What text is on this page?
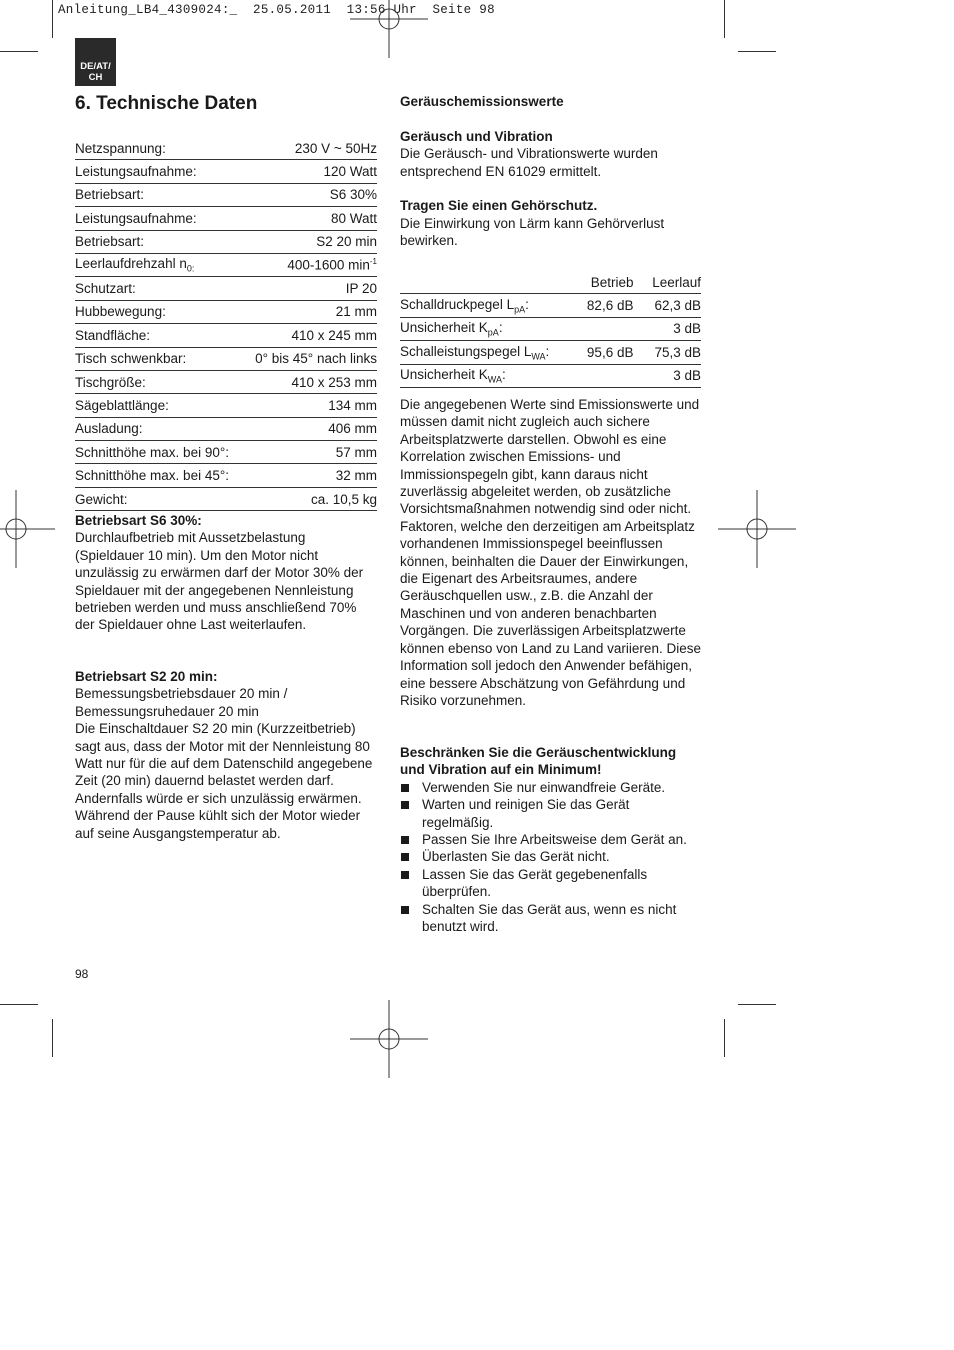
Anleitung_LB4_4309024:_  25.05.2011  13:56 Uhr  Seite 98
DE/AT/
CH
6. Technische Daten
Netzspannung:	230 V ~ 50Hz
Leistungsaufnahme:	120 Watt
Betriebsart:	S6 30%
Leistungsaufnahme:	80 Watt
Betriebsart:	S2 20 min
Leerlaufdrehzahl $n_{0:}$	400-1600 $\min^{-1}$
Schutzart:	IP 20
Hubbewegung:	21 mm
Standfläche:	410 x 245 mm
Tisch schwenkbar:	0° bis 45° nach links
Tischgröße:	410 x 253 mm
Sägeblattlänge:	134 mm
Ausladung:	406 mm
Schnitthöhe max. bei 90°:	57 mm
Schnitthöhe max. bei 45°:	32 mm
Gewicht:	ca. 10,5 kg
Betriebsart S6 30%:
Durchlaufbetrieb mit Aussetzbelastung (Spieldauer 10 min). Um den Motor nicht unzulässig zu erwärmen darf der Motor 30% der Spieldauer mit der angegebenen Nennleistung betrieben werden und muss anschließend 70% der Spieldauer ohne Last weiterlaufen.
Betriebsart S2 20 min:
Bemessungsbetriebsdauer 20 min / Bemessungsruhedauer 20 min
Die Einschaltdauer S2 20 min (Kurzzeitbetrieb) sagt aus, dass der Motor mit der Nennleistung 80 Watt nur für die auf dem Datenschild angegebene Zeit (20 min) dauernd belastet werden darf. Andernfalls würde er sich unzulässig erwärmen. Während der Pause kühlt sich der Motor wieder auf seine Ausgangstemperatur ab.
Geräuschemissionswerte
Geräusch und Vibration
Die Geräusch- und Vibrationswerte wurden entsprechend EN 61029 ermittelt.
Tragen Sie einen Gehörschutz.
Die Einwirkung von Lärm kann Gehörverlust bewirken.
	Betrieb	Leerlauf
Schalldruckpegel $L_{pA}$:	82,6 dB	62,3 dB
Unsicherheit $K_{pA}$:		3 dB
Schalleistungspegel $L_{WA}$:	95,6 dB	75,3 dB
Unsicherheit $K_{WA}$:		3 dB
Die angegebenen Werte sind Emissionswerte und müssen damit nicht zugleich auch sichere Arbeitsplatzwerte darstellen. Obwohl es eine Korrelation zwischen Emissions- und Immissionspegeln gibt, kann daraus nicht zuverlässig abgeleitet werden, ob zusätzliche Vorsichtsmaßnahmen notwendig sind oder nicht. Faktoren, welche den derzeitigen am Arbeitsplatz vorhandenen Immissionspegel beeinflussen können, beinhalten die Dauer der Einwirkungen, die Eigenart des Arbeitsraumes, andere Geräuschquellen usw., z.B. die Anzahl der Maschinen und von anderen benachbarten Vorgängen. Die zuverlässigen Arbeitsplatzwerte können ebenso von Land zu Land variieren. Diese Information soll jedoch den Anwender befähigen, eine bessere Abschätzung von Gefährdung und Risiko vorzunehmen.
Beschränken Sie die Geräuschentwicklung und Vibration auf ein Minimum!
Verwenden Sie nur einwandfreie Geräte.
Warten und reinigen Sie das Gerät regelmäßig.
Passen Sie Ihre Arbeitsweise dem Gerät an.
Überlasten Sie das Gerät nicht.
Lassen Sie das Gerät gegebenenfalls überprüfen.
Schalten Sie das Gerät aus, wenn es nicht benutzt wird.
98
